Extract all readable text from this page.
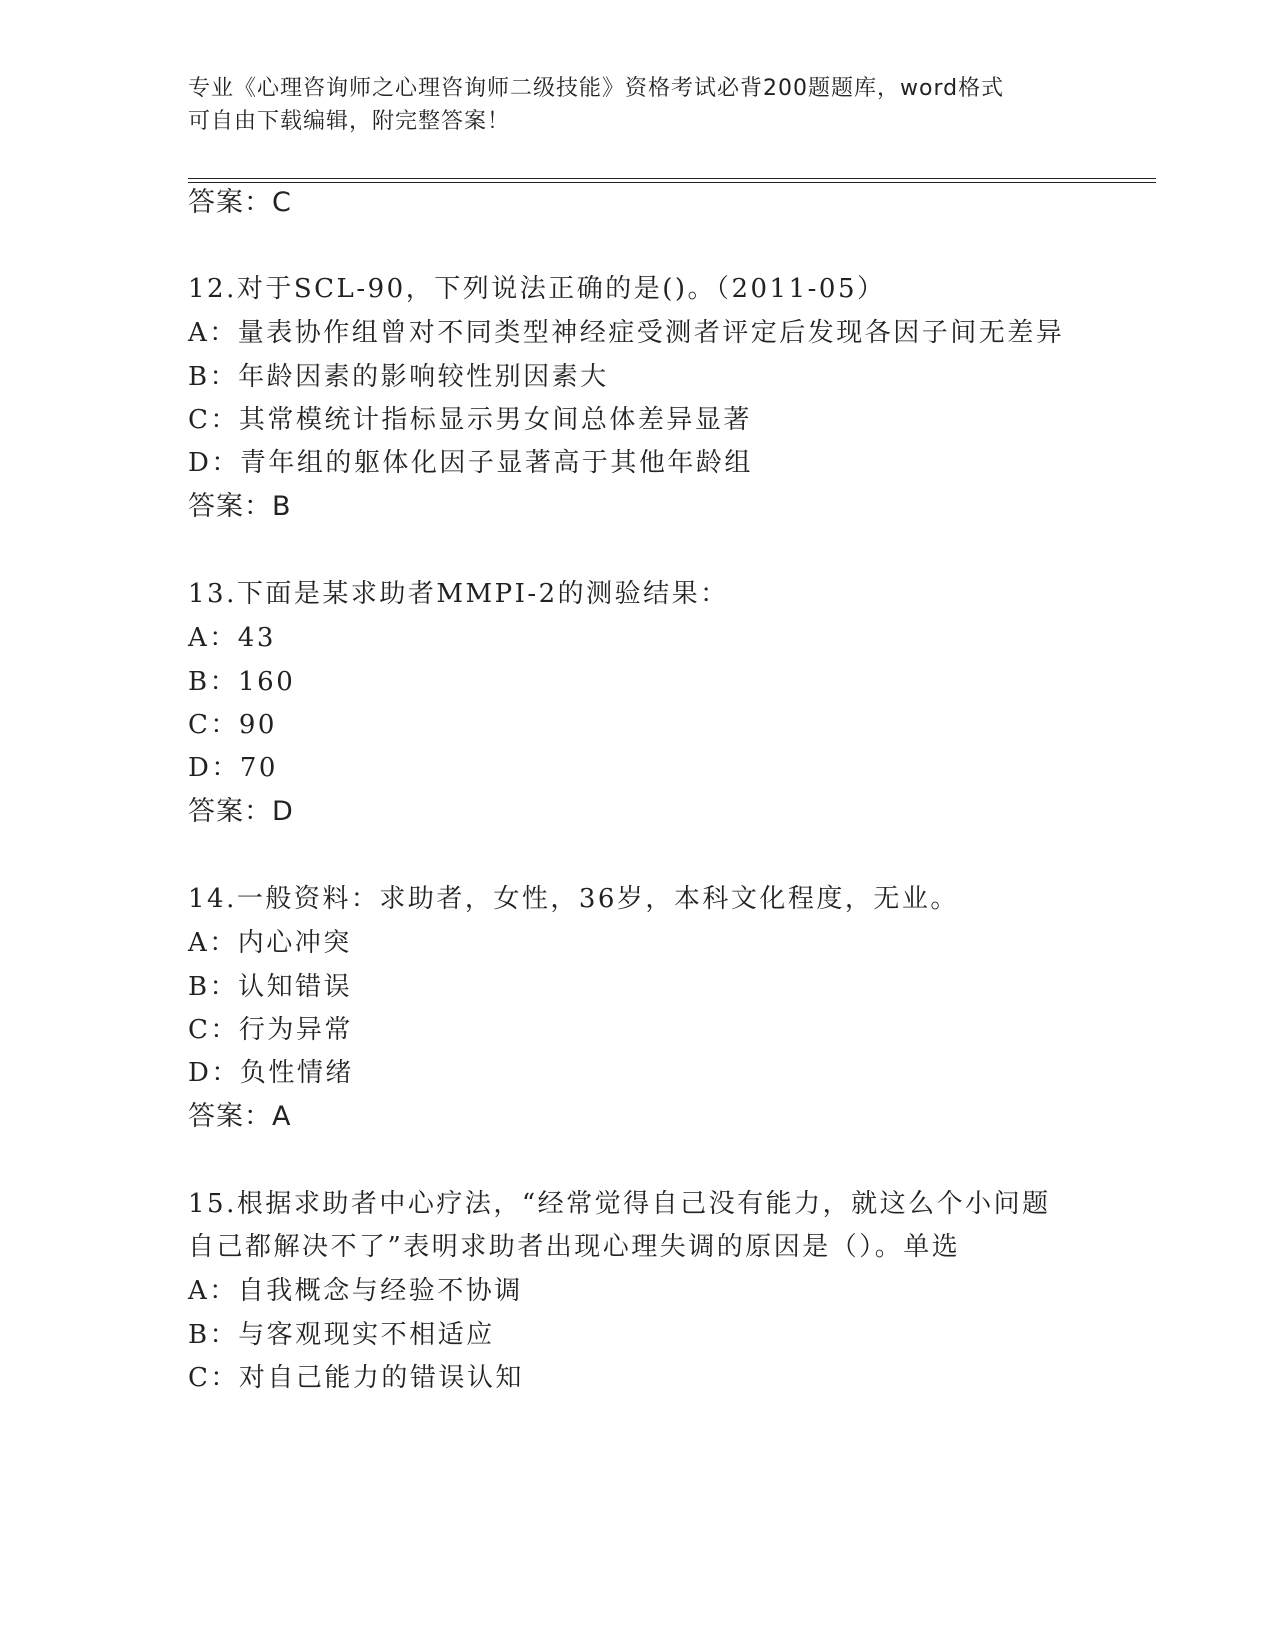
专业《心理咨询师之心理咨询师二级技能》资格考试必背200题题库，word格式
可自由下载编辑，附完整答案！
答案：C
12.对于SCL-90，下列说法正确的是()。（2011-05）
A：量表协作组曾对不同类型神经症受测者评定后发现各因子间无差异
B：年龄因素的影响较性别因素大
C：其常模统计指标显示男女间总体差异显著
D：青年组的躯体化因子显著高于其他年龄组
答案：B
13.下面是某求助者MMPI-2的测验结果：
A：43
B：160
C：90
D：70
答案：D
14.一般资料：求助者，女性，36岁，本科文化程度，无业。
A：内心冲突
B：认知错误
C：行为异常
D：负性情绪
答案：A
15.根据求助者中心疗法，“经常觉得自己没有能力，就这么个小问题
自己都解决不了”表明求助者出现心理失调的原因是（）。单选
A：自我概念与经验不协调
B：与客观现实不相适应
C：对自己能力的错误认知
